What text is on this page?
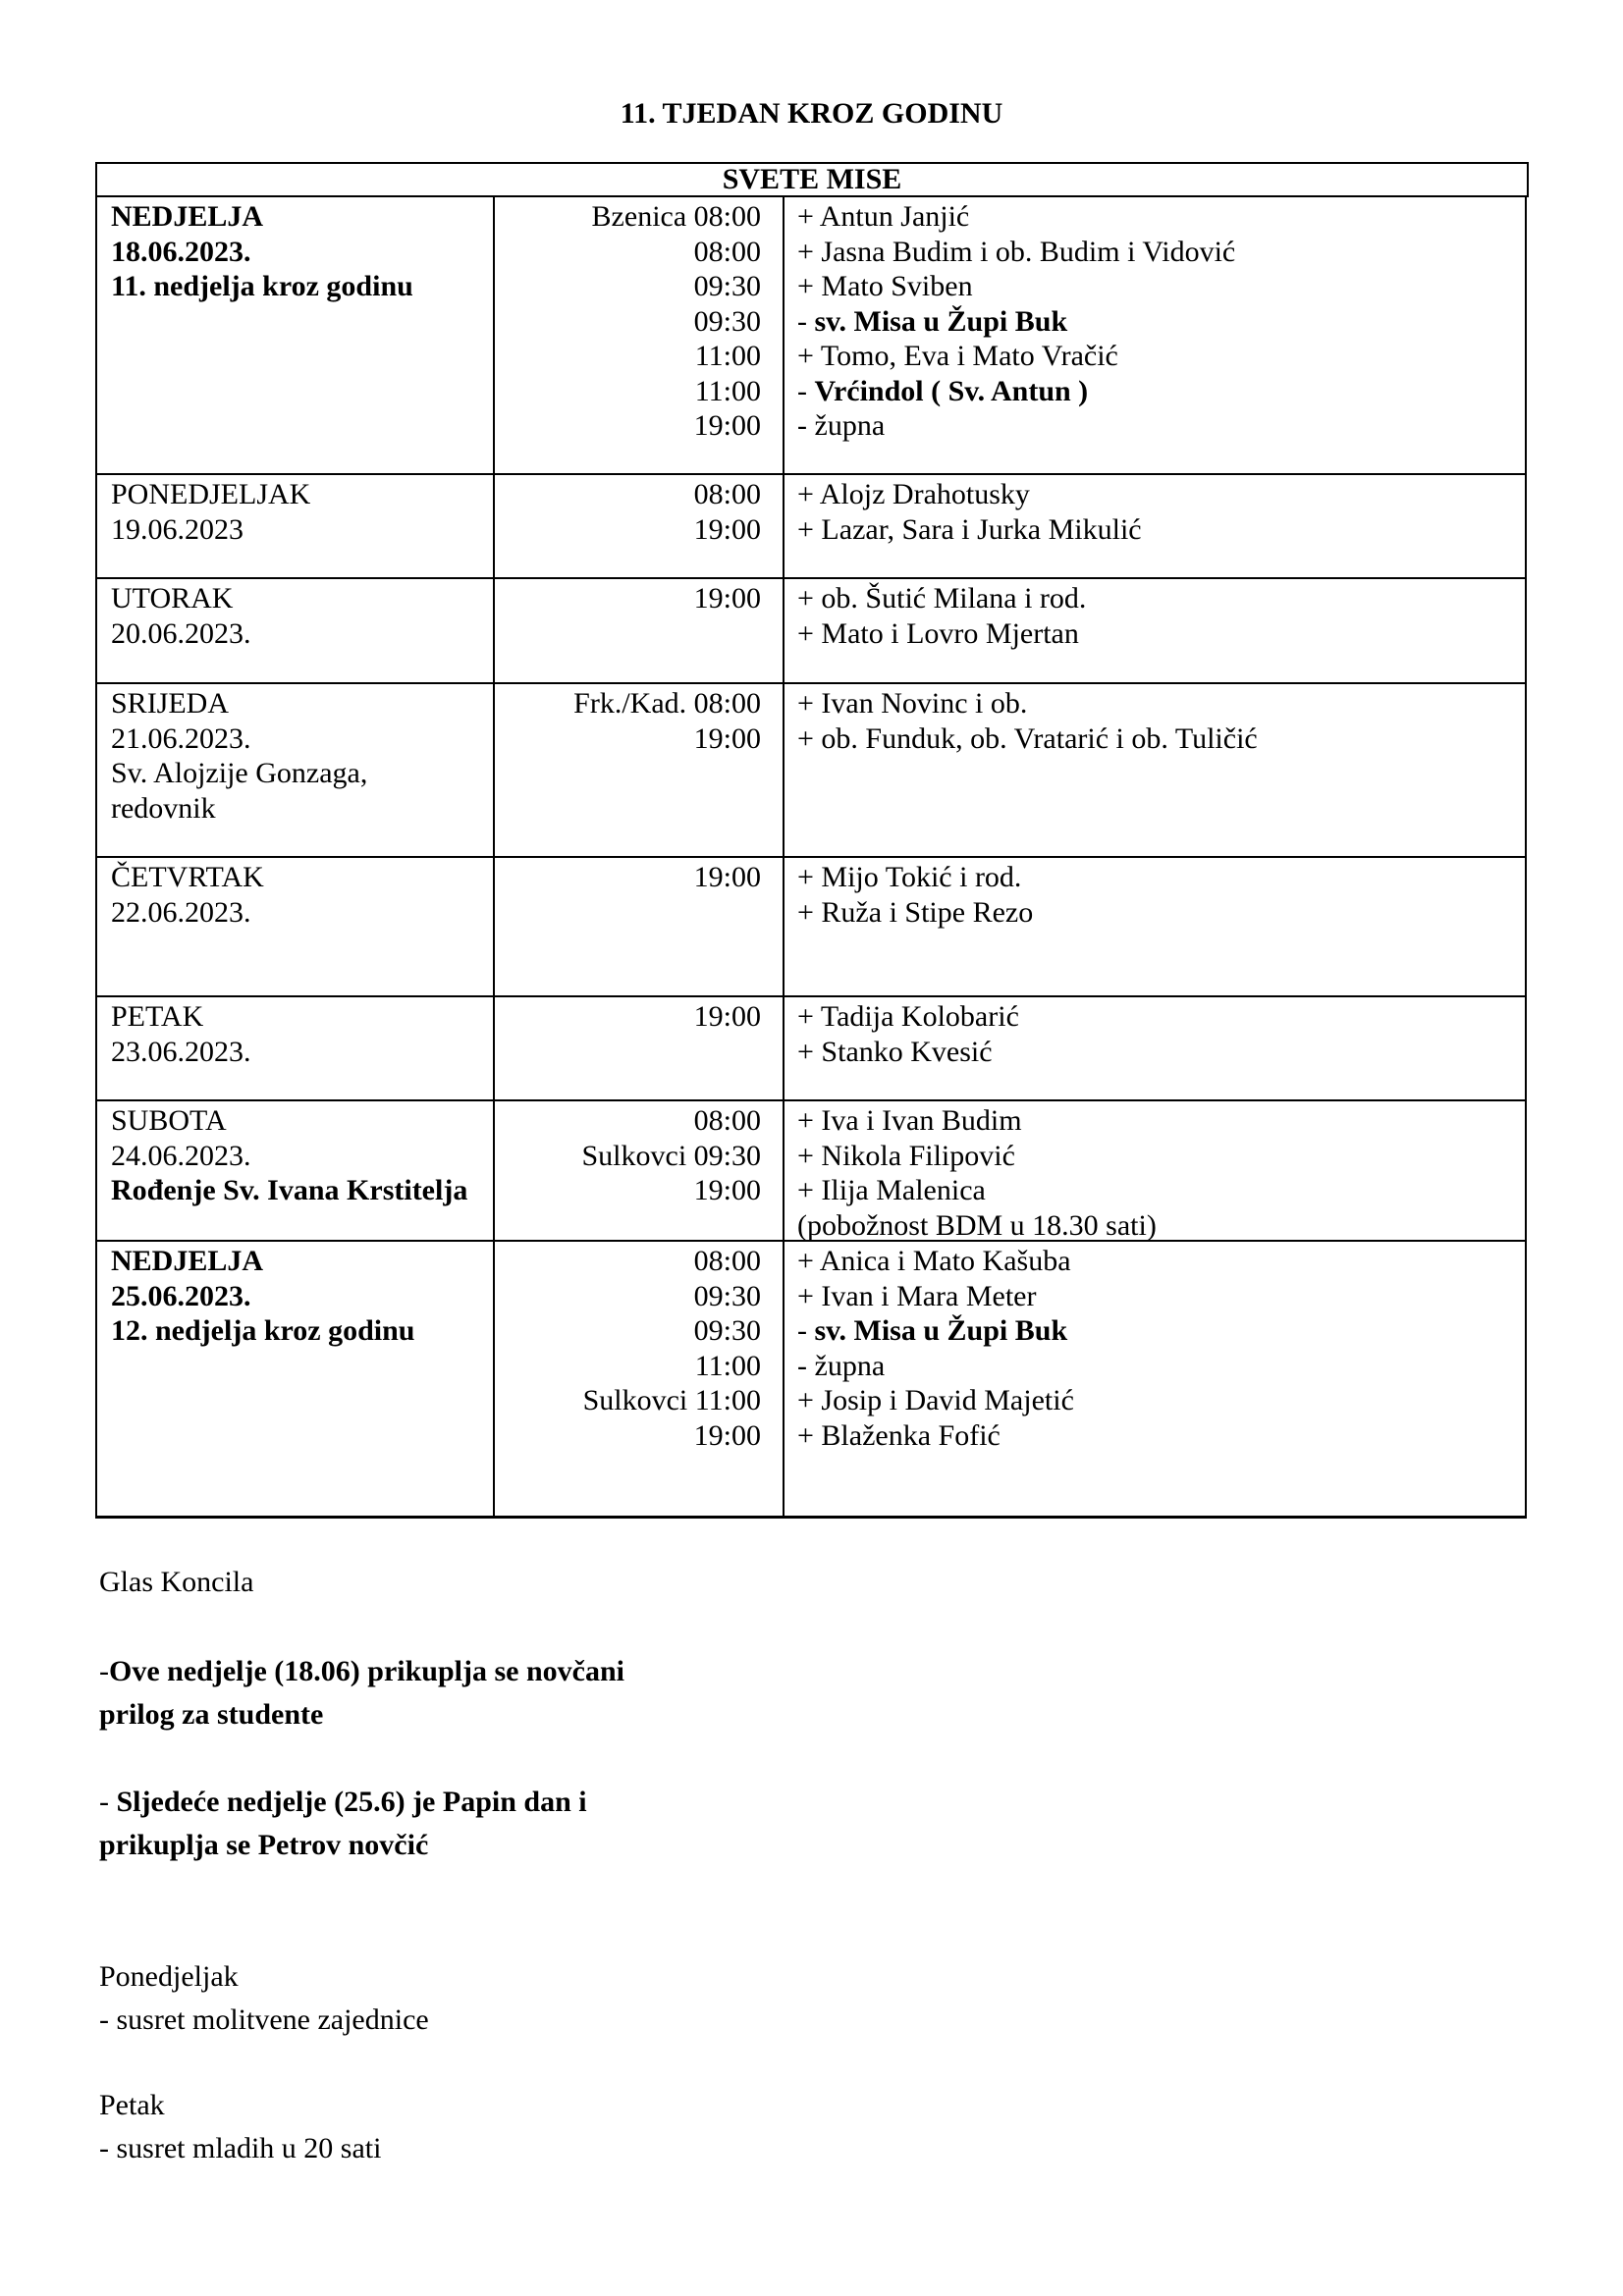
11. TJEDAN KROZ GODINU
SVETE MISE
NEDJELJA
18.06.2023.
11. nedjelja kroz godinu
Bzenica 08:00
08:00
09:30
09:30
11:00
11:00
19:00
+ Antun Janjić
+ Jasna Budim i ob. Budim i Vidović
+ Mato Sviben
- sv. Misa u Župi Buk
+ Tomo, Eva i Mato Vračić
- Vrćindol ( Sv. Antun )
- župna
PONEDJELJAK
19.06.2023
08:00
19:00
+ Alojz Drahotusky
+ Lazar, Sara i Jurka Mikulić
UTORAK
20.06.2023.
19:00 + ob. Šutić Milana i rod.
+ Mato i Lovro Mjertan
SRIJEDA
21.06.2023.
Sv. Alojzije Gonzaga,
redovnik
Frk./Kad. 08:00
19:00
+ Ivan Novinc i ob.
+ ob. Funduk, ob. Vratarić i ob. Tuličić
ČETVRTAK
22.06.2023.
19:00 + Mijo Tokić i rod.
+ Ruža i Stipe Rezo
PETAK
23.06.2023.
19:00 + Tadija Kolobarić
+ Stanko Kvesić
SUBOTA
24.06.2023.
Rođenje Sv. Ivana Krstitelja
08:00
Sulkovci 09:30
19:00
+ Iva i Ivan Budim
+ Nikola Filipović
+ Ilija Malenica
(pobožnost BDM u 18.30 sati)
NEDJELJA
25.06.2023.
12. nedjelja kroz godinu
08:00
09:30
09:30
11:00
Sulkovci 11:00
19:00
+ Anica i Mato Kašuba
+ Ivan i Mara Meter
- sv. Misa u Župi Buk
- župna
+ Josip i David Majetić
+ Blaženka Fofić
Glas Koncila
-Ove nedjelje (18.06) prikuplja se novčani
prilog za studente
- Sljedeće nedjelje (25.6) je Papin dan i
prikuplja se Petrov novčić
Ponedjeljak
- susret molitvene zajednice
Petak
- susret mladih u 20 sati
